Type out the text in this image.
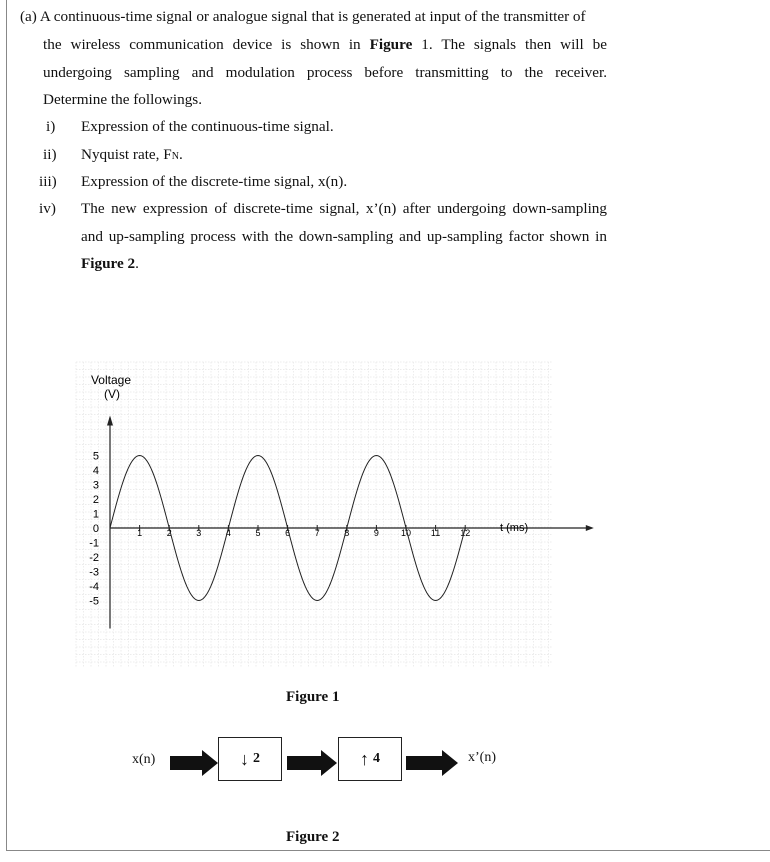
(a) A continuous-time signal or analogue signal that is generated at input of the transmitter of
the wireless communication device is shown in Figure 1. The signals then will be
undergoing sampling and modulation process before transmitting to the receiver.
Determine the followings.
i) Expression of the continuous-time signal.
ii) Nyquist rate, FN.
iii) Expression of the discrete-time signal, x(n).
iv) The new expression of discrete-time signal, x’(n) after undergoing down-sampling
and up-sampling process with the down-sampling and up-sampling factor shown in
Figure 2.
5
4
3
2
1
0
-1
-2
-3
-4
-5
1	2	3	4	5	6	7	8	9 10 11 12
Voltage
(V)
t (ms)
Figure 1
x(n)	↓ 2	↑ 4	x’(n)
Figure 2
